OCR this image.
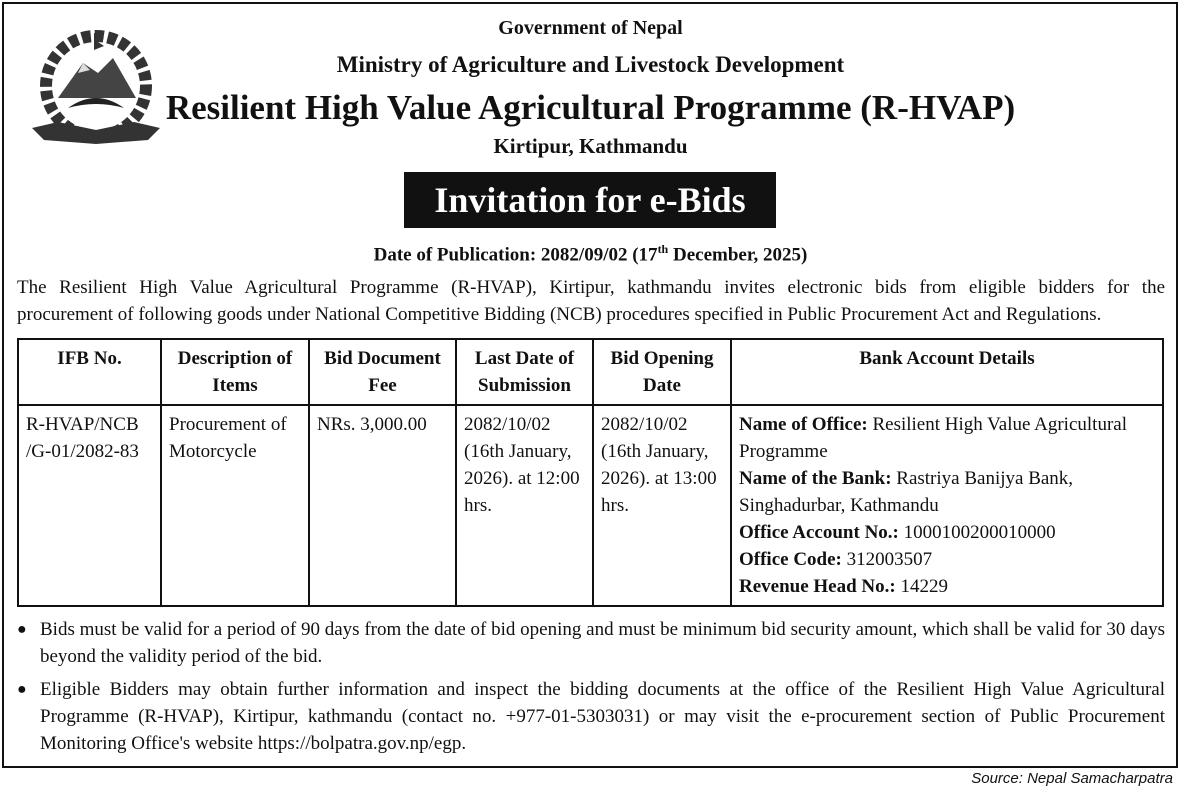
Government of Nepal
Ministry of Agriculture and Livestock Development
Resilient High Value Agricultural Programme (R-HVAP)
Kirtipur, Kathmandu
Invitation for e-Bids
Date of Publication: 2082/09/02 (17th December, 2025)
The Resilient High Value Agricultural Programme (R-HVAP), Kirtipur, kathmandu invites electronic bids from eligible bidders for the
procurement of following goods under National Competitive Bidding (NCB) procedures specified in Public Procurement Act and Regulations.
IFB No.	Description of Items	Bid Document Fee	Last Date of Submission	Bid Opening Date	Bank Account Details
R-HVAP/NCB /G-01/2082-83	Procurement of Motorcycle	NRs. 3,000.00	2082/10/02 (16th January, 2026). at 12:00 hrs.	2082/10/02 (16th January, 2026). at 13:00 hrs.	Name of Office: Resilient High Value Agricultural Programme
Name of the Bank: Rastriya Banijya Bank, Singhadurbar, Kathmandu
Office Account No.: 1000100200010000
Office Code: 312003507
Revenue Head No.: 14229
● Bids must be valid for a period of 90 days from the date of bid opening and must be minimum bid security amount, which shall be valid for 30 days beyond the validity period of the bid.
● Eligible Bidders may obtain further information and inspect the bidding documents at the office of the Resilient High Value Agricultural Programme (R-HVAP), Kirtipur, kathmandu (contact no. +977-01-5303031) or may visit the e-procurement section of Public Procurement Monitoring Office's website https://bolpatra.gov.np/egp.
Source: Nepal Samacharpatra
